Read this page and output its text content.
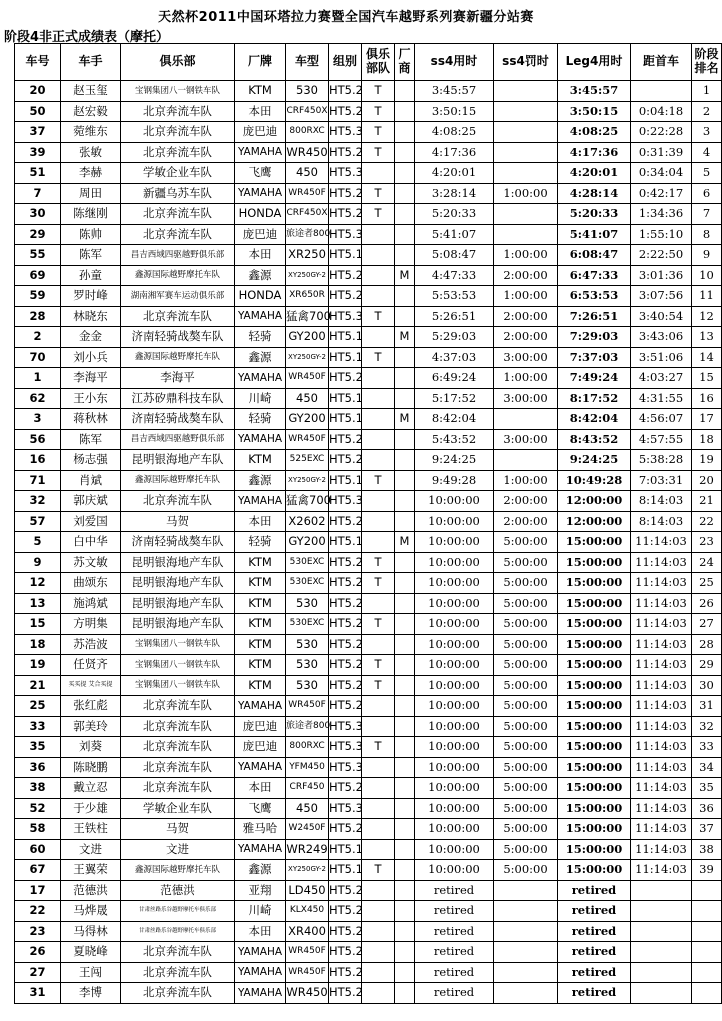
天然杯2011中国环塔拉力赛暨全国汽车越野系列赛新疆分站赛
阶段4非正式成绩表（摩托）
车号	车手	俱乐部	厂牌	车型	组别	俱乐部队	厂商	ss4用时	ss4罚时	Leg4用时	距首车	阶段排名
20	赵玉玺	宝钢集团八一钢铁车队	KTM	530	HT5.2	T		3:45:57		3:45:57		1
50	赵宏毅	北京奔流车队	本田	CRF450X	HT5.2	T		3:50:15		3:50:15	0:04:18	2
37	菀维东	北京奔流车队	庞巴迪	800RXC	HT5.3	T		4:08:25		4:08:25	0:22:28	3
39	张敏	北京奔流车队	YAMAHA	WR450	HT5.2	T		4:17:36		4:17:36	0:31:39	4
51	李赫	学敏企业车队	飞鹰	450	HT5.3			4:20:01		4:20:01	0:34:04	5
7	周田	新疆乌苏车队	YAMAHA	WR450F	HT5.2	T		3:28:14	1:00:00	4:28:14	0:42:17	6
30	陈继刚	北京奔流车队	HONDA	CRF450X	HT5.2	T		5:20:33		5:20:33	1:34:36	7
29	陈帅	北京奔流车队	庞巴迪	旅途者800	HT5.3			5:41:07		5:41:07	1:55:10	8
55	陈军	昌吉西域四驱越野俱乐部	本田	XR250	HT5.1			5:08:47	1:00:00	6:08:47	2:22:50	9
69	孙童	鑫源国际越野摩托车队	鑫源	XY250GY-2	HT5.2		M	4:47:33	2:00:00	6:47:33	3:01:36	10
59	罗时峰	湖南湘军赛车运动俱乐部	HONDA	XR650R	HT5.2			5:53:53	1:00:00	6:53:53	3:07:56	11
28	林晓东	北京奔流车队	YAMAHA	猛禽700	HT5.3	T		5:26:51	2:00:00	7:26:51	3:40:54	12
2	金金	济南轻骑战獒车队	轻骑	GY200	HT5.1		M	5:29:03	2:00:00	7:29:03	3:43:06	13
70	刘小兵	鑫源国际越野摩托车队	鑫源	XY250GY-2	HT5.1	T		4:37:03	3:00:00	7:37:03	3:51:06	14
1	李海平	李海平	YAMAHA	WR450F	HT5.2			6:49:24	1:00:00	7:49:24	4:03:27	15
62	王小东	江苏矽鼎科技车队	川崎	450	HT5.1			5:17:52	3:00:00	8:17:52	4:31:55	16
3	蒋秋林	济南轻骑战獒车队	轻骑	GY200	HT5.1		M	8:42:04		8:42:04	4:56:07	17
56	陈军	昌吉西域四驱越野俱乐部	YAMAHA	WR450F	HT5.2			5:43:52	3:00:00	8:43:52	4:57:55	18
16	杨志强	昆明银海地产车队	KTM	525EXC	HT5.2			9:24:25		9:24:25	5:38:28	19
71	肖斌	鑫源国际越野摩托车队	鑫源	XY250GY-2	HT5.1	T		9:49:28	1:00:00	10:49:28	7:03:31	20
32	郭庆斌	北京奔流车队	YAMAHA	猛禽700	HT5.3			10:00:00	2:00:00	12:00:00	8:14:03	21
57	刘爱国	马贺	本田	X2602	HT5.2			10:00:00	2:00:00	12:00:00	8:14:03	22
5	白中华	济南轻骑战獒车队	轻骑	GY200	HT5.1		M	10:00:00	5:00:00	15:00:00	11:14:03	23
9	苏文敏	昆明银海地产车队	KTM	530EXC	HT5.2	T		10:00:00	5:00:00	15:00:00	11:14:03	24
12	曲颂东	昆明银海地产车队	KTM	530EXC	HT5.2	T		10:00:00	5:00:00	15:00:00	11:14:03	25
13	施鸿斌	昆明银海地产车队	KTM	530	HT5.2			10:00:00	5:00:00	15:00:00	11:14:03	26
15	方明集	昆明银海地产车队	KTM	530EXC	HT5.2	T		10:00:00	5:00:00	15:00:00	11:14:03	27
18	苏浩波	宝钢集团八一钢铁车队	KTM	530	HT5.2			10:00:00	5:00:00	15:00:00	11:14:03	28
19	任贤齐	宝钢集团八一钢铁车队	KTM	530	HT5.2	T		10:00:00	5:00:00	15:00:00	11:14:03	29
21	买买提 艾合买提	宝钢集团八一钢铁车队	KTM	530	HT5.2	T		10:00:00	5:00:00	15:00:00	11:14:03	30
25	张红彪	北京奔流车队	YAMAHA	WR450F	HT5.2			10:00:00	5:00:00	15:00:00	11:14:03	31
33	郭美玲	北京奔流车队	庞巴迪	旅途者800	HT5.3			10:00:00	5:00:00	15:00:00	11:14:03	32
35	刘葵	北京奔流车队	庞巴迪	800RXC	HT5.3	T		10:00:00	5:00:00	15:00:00	11:14:03	33
36	陈晓鹏	北京奔流车队	YAMAHA	YFM450	HT5.3			10:00:00	5:00:00	15:00:00	11:14:03	34
38	戴立忍	北京奔流车队	本田	CRF450	HT5.2			10:00:00	5:00:00	15:00:00	11:14:03	35
52	于少雄	学敏企业车队	飞鹰	450	HT5.3			10:00:00	5:00:00	15:00:00	11:14:03	36
58	王铁柱	马贺	雅马哈	W2450F	HT5.2			10:00:00	5:00:00	15:00:00	11:14:03	37
60	文进	文进	YAMAHA	WR249	HT5.1			10:00:00	5:00:00	15:00:00	11:14:03	38
67	王翼荣	鑫源国际越野摩托车队	鑫源	XY250GY-2	HT5.1	T		10:00:00	5:00:00	15:00:00	11:14:03	39
17	范德洪	范德洪	亚翔	LD450	HT5.2			retired		retired		
22	马烨晟	甘肃丝路乐谷越野摩托车俱乐部	川崎	KLX450	HT5.2			retired		retired		
23	马得林	甘肃丝路乐谷越野摩托车俱乐部	本田	XR400	HT5.2			retired		retired		
26	夏晓峰	北京奔流车队	YAMAHA	WR450F	HT5.2			retired		retired		
27	王闯	北京奔流车队	YAMAHA	WR450F	HT5.2			retired		retired		
31	李博	北京奔流车队	YAMAHA	WR450	HT5.2			retired		retired		
